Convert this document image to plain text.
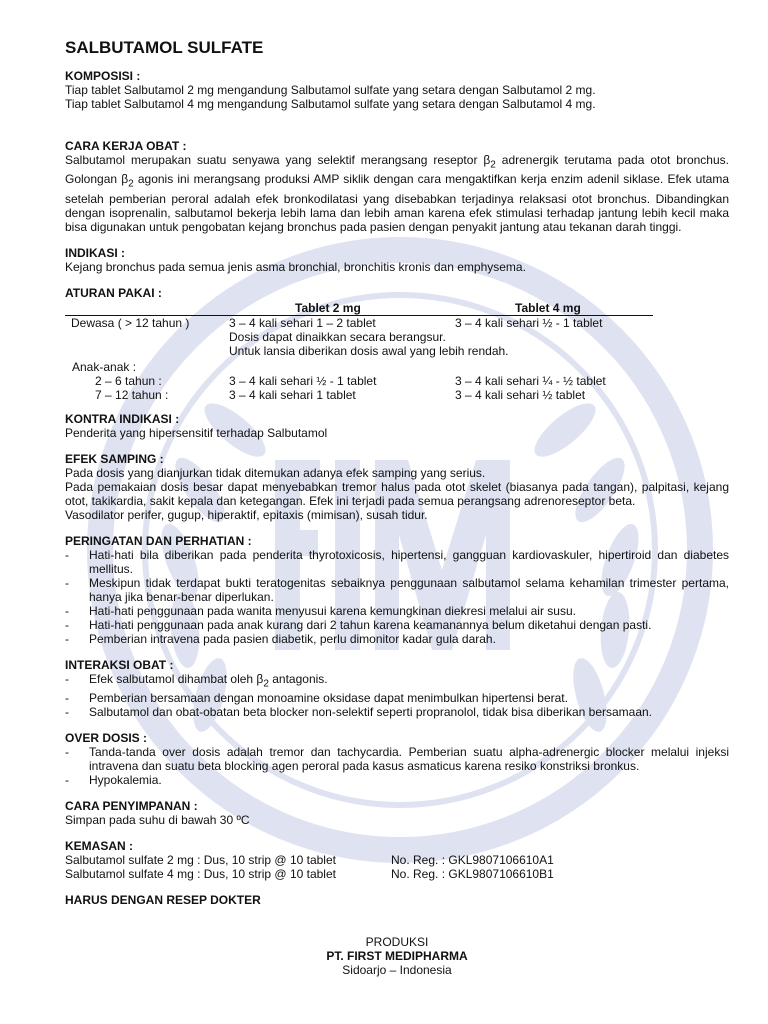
SALBUTAMOL SULFATE
KOMPOSISI :
Tiap tablet Salbutamol 2 mg mengandung Salbutamol sulfate yang setara dengan Salbutamol 2 mg.
Tiap tablet Salbutamol 4 mg mengandung Salbutamol sulfate yang setara dengan Salbutamol 4 mg.
CARA KERJA OBAT :
Salbutamol merupakan suatu senyawa yang selektif merangsang reseptor $\beta_2$ adrenergik terutama pada otot bronchus. Golongan $\beta_2$ agonis ini merangsang produksi AMP siklik dengan cara mengaktifkan kerja enzim adenil siklase. Efek utama setelah pemberian peroral adalah efek bronkodilatasi yang disebabkan terjadinya relaksasi otot bronchus. Dibandingkan dengan isoprenalin, salbutamol bekerja lebih lama dan lebih aman karena efek stimulasi terhadap jantung lebih kecil maka bisa digunakan untuk pengobatan kejang bronchus pada pasien dengan penyakit jantung atau tekanan darah tinggi.
INDIKASI :
Kejang bronchus pada semua jenis asma bronchial, bronchitis kronis dan emphysema.
ATURAN PAKAI :
Tablet 2 mg	Tablet 4 mg
Dewasa ( > 12 tahun )	3 – 4 kali sehari 1 – 2 tablet	3 – 4 kali sehari ½ - 1 tablet
Dosis dapat dinaikkan secara berangsur.
Untuk lansia diberikan dosis awal yang lebih rendah.
Anak-anak :
2 – 6 tahun :	3 – 4 kali sehari ½ - 1 tablet	3 – 4 kali sehari ¼ - ½ tablet
7 – 12 tahun :	3 – 4 kali sehari 1 tablet	3 – 4 kali sehari ½ tablet
KONTRA INDIKASI :
Penderita yang hipersensitif terhadap Salbutamol
EFEK SAMPING :
Pada dosis yang dianjurkan tidak ditemukan adanya efek samping yang serius.
Pada pemakaian dosis besar dapat menyebabkan tremor halus pada otot skelet (biasanya pada tangan), palpitasi, kejang otot, takikardia, sakit kepala dan ketegangan. Efek ini terjadi pada semua perangsang adrenoreseptor beta.
Vasodilator perifer, gugup, hiperaktif, epitaxis (mimisan), susah tidur.
PERINGATAN DAN PERHATIAN :
- Hati-hati bila diberikan pada penderita thyrotoxicosis, hipertensi, gangguan kardiovaskuler, hipertiroid dan diabetes mellitus.
- Meskipun tidak terdapat bukti teratogenitas sebaiknya penggunaan salbutamol selama kehamilan trimester pertama, hanya jika benar-benar diperlukan.
- Hati-hati penggunaan pada wanita menyusui karena kemungkinan diekresi melalui air susu.
- Hati-hati penggunaan pada anak kurang dari 2 tahun karena keamanannya belum diketahui dengan pasti.
- Pemberian intravena pada pasien diabetik, perlu dimonitor kadar gula darah.
INTERAKSI OBAT :
- Efek salbutamol dihambat oleh $\beta_2$ antagonis.
- Pemberian bersamaan dengan monoamine oksidase dapat menimbulkan hipertensi berat.
- Salbutamol dan obat-obatan beta blocker non-selektif seperti propranolol, tidak bisa diberikan bersamaan.
OVER DOSIS :
- Tanda-tanda over dosis adalah tremor dan tachycardia. Pemberian suatu alpha-adrenergic blocker melalui injeksi intravena dan suatu beta blocking agen peroral pada kasus asmaticus karena resiko konstriksi bronkus.
- Hypokalemia.
CARA PENYIMPANAN :
Simpan pada suhu di bawah 30 ºC
KEMASAN :
Salbutamol sulfate 2 mg : Dus, 10 strip @ 10 tablet	No. Reg. : GKL9807106610A1
Salbutamol sulfate 4 mg : Dus, 10 strip @ 10 tablet	No. Reg. : GKL9807106610B1
HARUS DENGAN RESEP DOKTER
PRODUKSI
PT. FIRST MEDIPHARMA
Sidoarjo – Indonesia
